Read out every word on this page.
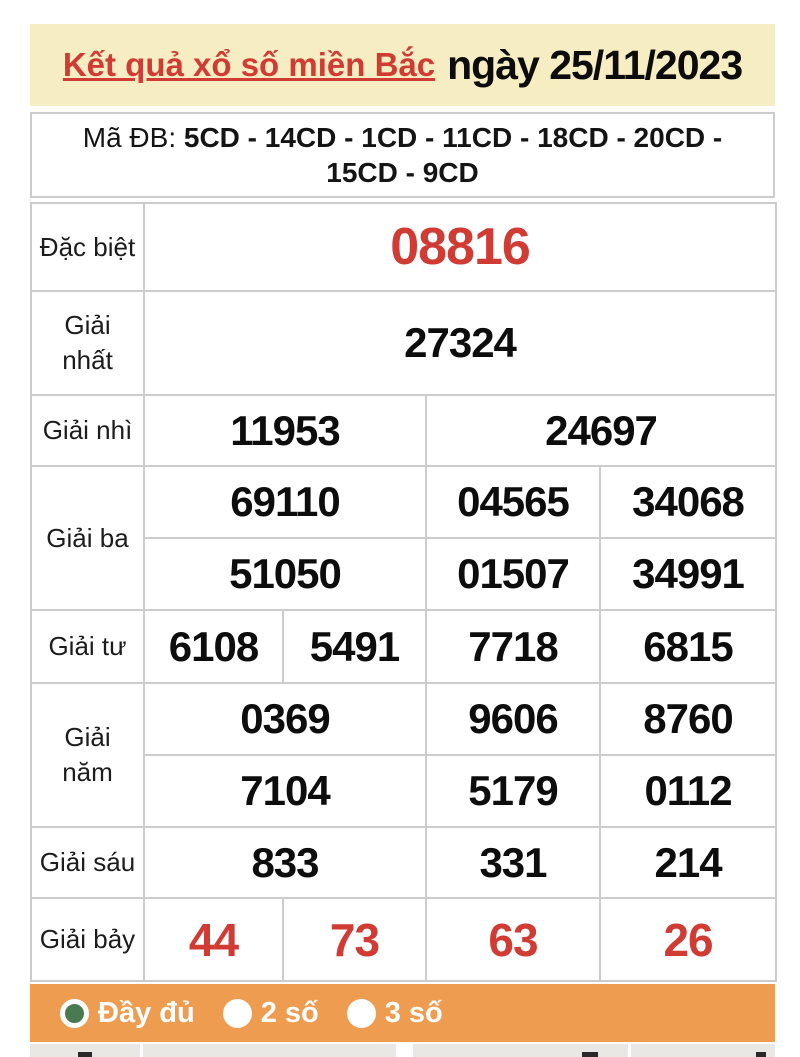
Kết quả xổ số miền Bắc ngày 25/11/2023
Mã ĐB: 5CD - 14CD - 1CD - 11CD - 18CD - 20CD - 15CD - 9CD
Đặc biệt	08816			
Giải nhất	27324			
Giải nhì	11953		24697	
Giải ba	69110		04565	34068
	51050		01507	34991
Giải tư	6108	5491	7718	6815
Giải năm	0369		9606	8760
	7104		5179	0112
Giải sáu	833		331	214
Giải bảy	44	73	63	26
Đầy đủ 2 số 3 số
